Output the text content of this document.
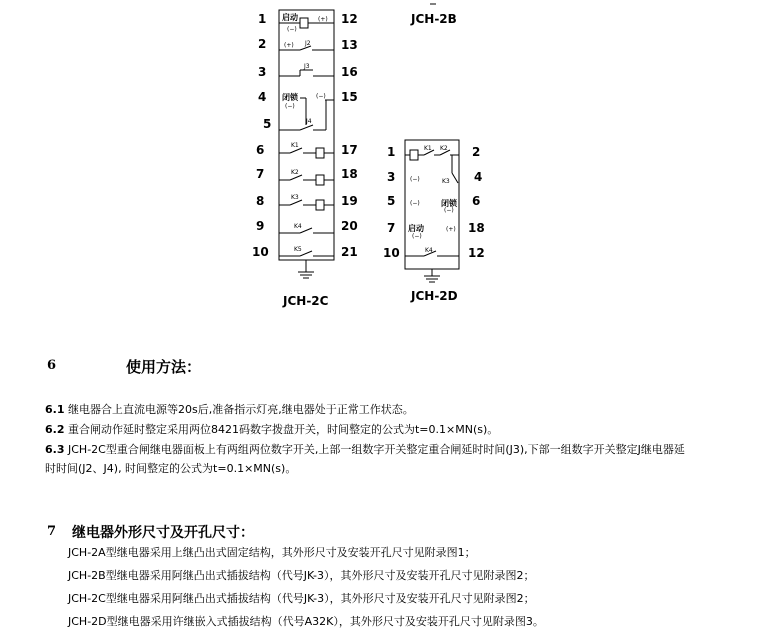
1
2
3
4
5
6
7
8
9
10
12
13
16
15
17
18
19
20
21
启动
(−)
(+)
(+) J2
J3
闭锁
(−)
(−)
J4
K1
K2
K3
K4
K5
JCH-2C
JCH-2B
1
3
5
7
10
2
4
6
18
12
K1 K2
K3
(−)
(−)	闭锁
(−)
启动
(−)
(+)
K4
JCH-2D
6	使用方法：
6.1 继电器合上直流电源等20s后,准备指示灯亮,继电器处于正常工作状态。
6.2 重合闸动作延时整定采用两位8421码数字拨盘开关，时间整定的公式为t=0.1×MN(s)。
6.3 JCH-2C型重合闸继电器面板上有两组两位数字开关,上部一组数字开关整定重合闸延时时间(J3),下部一组数字开关整定J继电器延
时时间(J2、J4), 时间整定的公式为t=0.1×MN(s)。
7 继电器外形尺寸及开孔尺寸：
JCH-2A型继电器采用上继凸出式固定结构，其外形尺寸及安装开孔尺寸见附录图1；
JCH-2B型继电器采用阿继凸出式插拔结构（代号JK-3），其外形尺寸及安装开孔尺寸见附录图2；
JCH-2C型继电器采用阿继凸出式插拔结构（代号JK-3），其外形尺寸及安装开孔尺寸见附录图2；
JCH-2D型继电器采用许继嵌入式插拔结构（代号A32K），其外形尺寸及安装开孔尺寸见附录图3。
